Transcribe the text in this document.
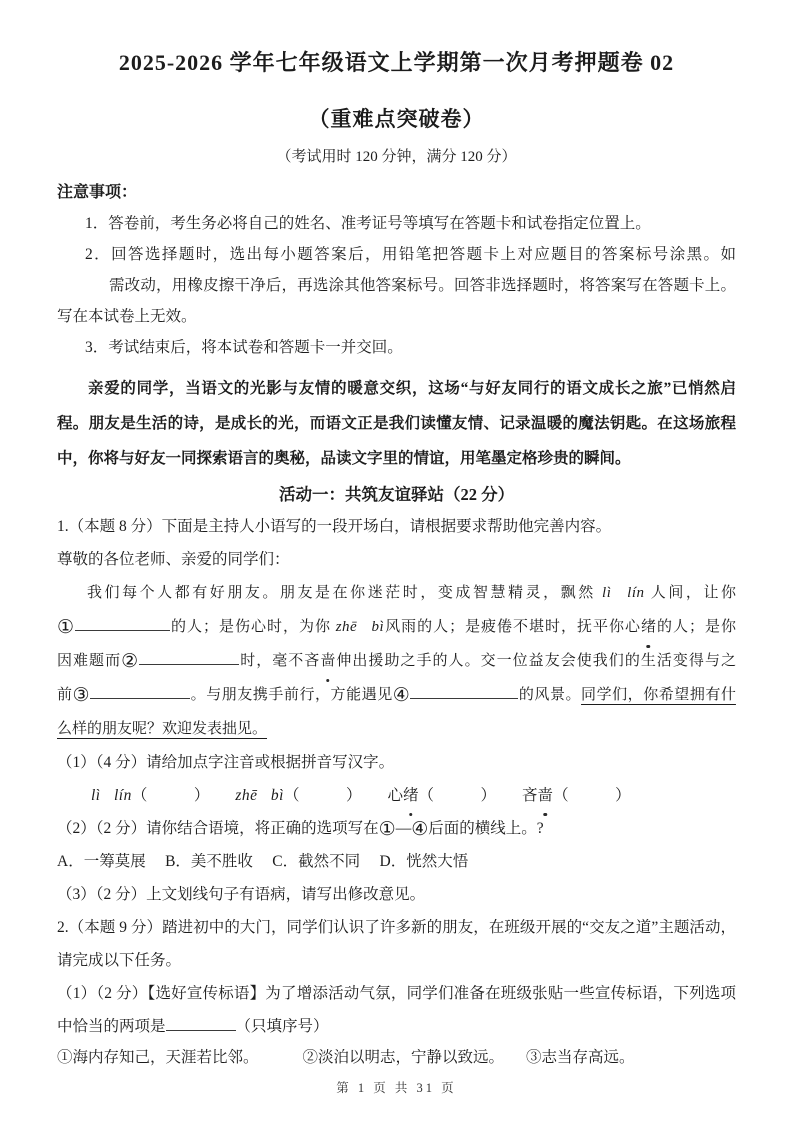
2025-2026 学年七年级语文上学期第一次月考押题卷 02
（重难点突破卷）
（考试用时 120 分钟，满分 120 分）
注意事项：
1．答卷前，考生务必将自己的姓名、准考证号等填写在答题卡和试卷指定位置上。
2．回答选择题时，选出每小题答案后，用铅笔把答题卡上对应题目的答案标号涂黑。如
需改动，用橡皮擦干净后，再选涂其他答案标号。回答非选择题时，将答案写在答题卡上。
写在本试卷上无效。
3．考试结束后，将本试卷和答题卡一并交回。
亲爱的同学，当语文的光影与友情的暖意交织，这场“与好友同行的语文成长之旅”已悄然启程。朋友是生活的诗，是成长的光，而语文正是我们读懂友情、记录温暖的魔法钥匙。在这场旅程中，你将与好友一同探索语言的奥秘，品读文字里的情谊，用笔墨定格珍贵的瞬间。
活动一：共筑友谊驿站（22 分）
1.（本题 8 分）下面是主持人小语写的一段开场白，请根据要求帮助他完善内容。
尊敬的各位老师、亲爱的同学们：
我们每个人都有好朋友。朋友是在你迷茫时，变成智慧精灵，飘然 lì lín 人间，让你
①	的人；是伤心时，为你 zhē bì风雨的人；是疲倦不堪时，抚平你心绪的人；是你
因难题而②	时，毫不吝啬伸出援助之手的人。交一位益友会使我们的生活变得与之
前③	。与朋友携手前行，方能遇见④	的风景。同学们，你希望拥有什
么样的朋友呢？欢迎发表拙见。
（1）（4 分）请给加点字注音或根据拼音写汉字。
lì lín（　　　） zhē bì（　　　） 心绪（　　　） 吝啬（　　　）
（2）（2 分）请你结合语境，将正确的选项写在①—④后面的横线上。?
A．一筹莫展　 B．美不胜收　 C．截然不同　 D．恍然大悟
（3）（2 分）上文划线句子有语病，请写出修改意见。
2.（本题 9 分）踏进初中的大门，同学们认识了许多新的朋友，在班级开展的“交友之道”主题活动，请完成以下任务。
（1）（2 分）【选好宣传标语】为了增添活动气氛，同学们准备在班级张贴一些宣传标语，下列选项中恰当的两项是	（只填序号）
①海内存知己，天涯若比邻。	②淡泊以明志，宁静以致远。 ③志当存高远。
第 1 页 共 31 页
